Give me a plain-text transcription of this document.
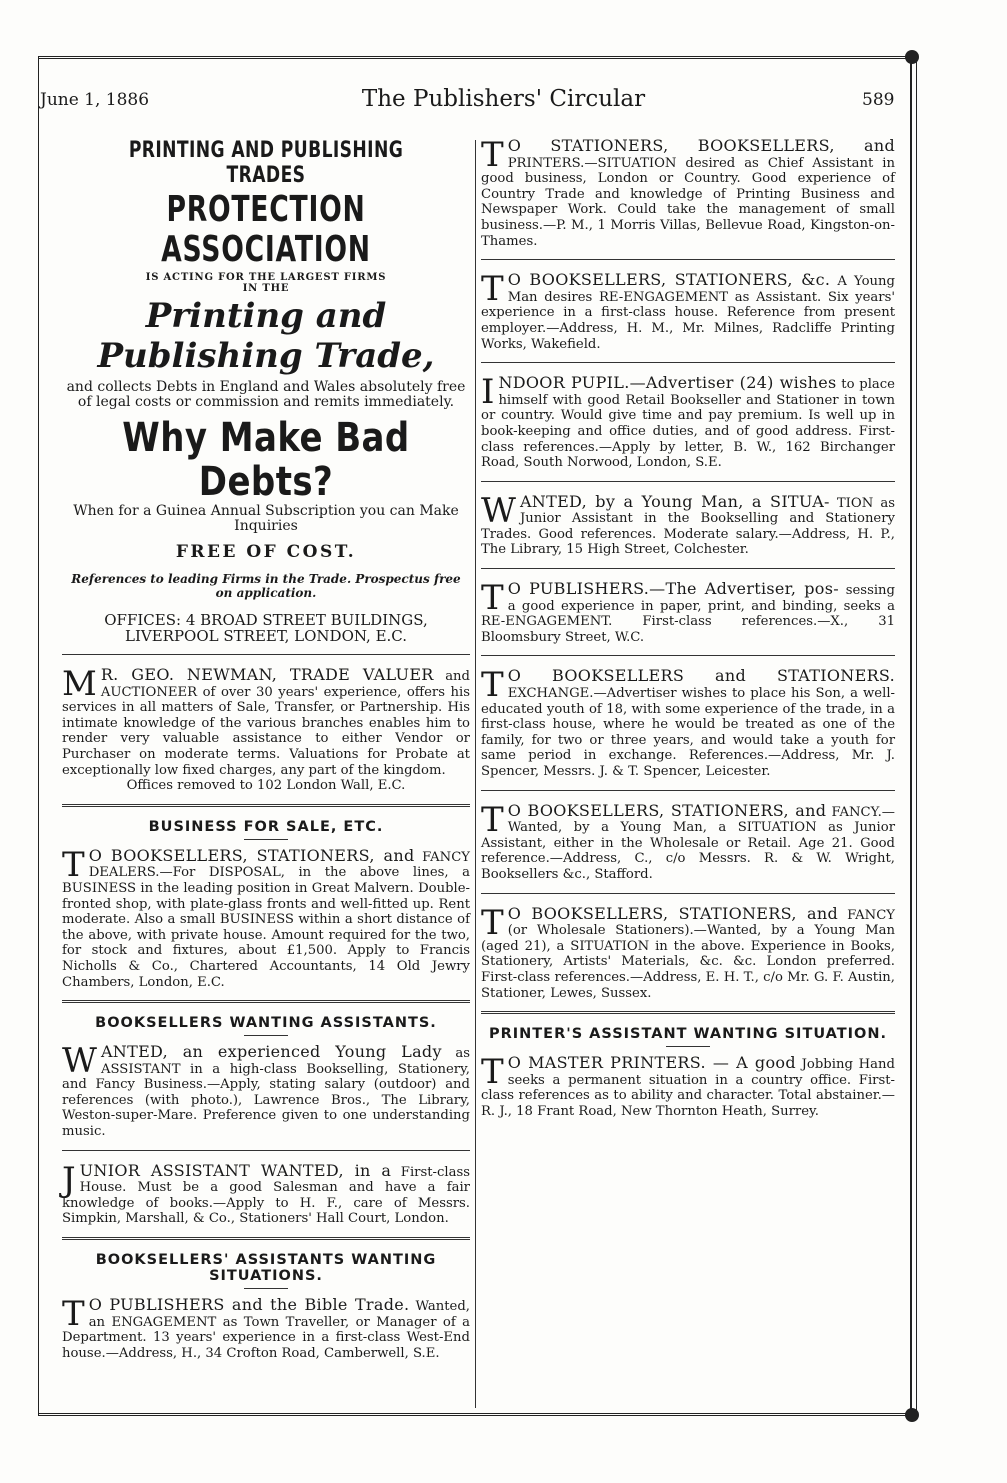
June 1, 1886	The Publishers' Circular	589
PRINTING AND PUBLISHING TRADES
PROTECTION ASSOCIATION
IS ACTING FOR THE LARGEST FIRMS
IN THE
Printing and Publishing Trade,
and collects Debts in England and Wales absolutely free of legal costs or commission and remits immediately.
Why Make Bad Debts?
When for a Guinea Annual Subscription you can Make Inquiries
FREE OF COST.
References to leading Firms in the Trade. Prospectus free on application.
OFFICES: 4 BROAD STREET BUILDINGS, LIVERPOOL STREET, LONDON, E.C.
M R. GEO. NEWMAN, TRADE VALUER and AUCTIONEER of over 30 years' experience, offers his services in all matters of Sale, Transfer, or Partnership. His intimate knowledge of the various branches enables him to render very valuable assistance to either Vendor or Purchaser on moderate terms. Valuations for Probate at exceptionally low fixed charges, any part of the kingdom.

Offices removed to 102 London Wall, E.C.

BUSINESS FOR SALE, ETC.
T O BOOKSELLERS, STATIONERS, and FANCY DEALERS.—For DISPOSAL, in the above lines, a BUSINESS in the leading position in Great Malvern. Double-fronted shop, with plate-glass fronts and well-fitted up. Rent moderate. Also a small BUSINESS within a short distance of the above, with private house. Amount required for the two, for stock and fixtures, about £1,500. Apply to Francis Nicholls & Co., Chartered Accountants, 14 Old Jewry Chambers, London, E.C.

BOOKSELLERS WANTING ASSISTANTS.
W ANTED, an experienced Young Lady as ASSISTANT in a high-class Bookselling, Stationery, and Fancy Business.—Apply, stating salary (outdoor) and references (with photo.), Lawrence Bros., The Library, Weston-super-Mare. Preference given to one understanding music.

J UNIOR ASSISTANT WANTED, in a First-class House. Must be a good Salesman and have a fair knowledge of books.—Apply to H. F., care of Messrs. Simpkin, Marshall, & Co., Stationers' Hall Court, London.

BOOKSELLERS' ASSISTANTS WANTING SITUATIONS.
T O PUBLISHERS and the Bible Trade. Wanted, an ENGAGEMENT as Town Traveller, or Manager of a Department. 13 years' experience in a first-class West-End house.—Address, H., 34 Crofton Road, Camberwell, S.E.

T O STATIONERS, BOOKSELLERS, and PRINTERS.—SITUATION desired as Chief Assistant in good business, London or Country. Good experience of Country Trade and knowledge of Printing Business and Newspaper Work. Could take the management of small business.—P. M., 1 Morris Villas, Bellevue Road, Kingston-on-Thames.

T O BOOKSELLERS, STATIONERS, &c. A Young Man desires RE-ENGAGEMENT as Assistant. Six years' experience in a first-class house. Reference from present employer.—Address, H. M., Mr. Milnes, Radcliffe Printing Works, Wakefield.

I NDOOR PUPIL.—Advertiser (24) wishes to place himself with good Retail Bookseller and Stationer in town or country. Would give time and pay premium. Is well up in book-keeping and office duties, and of good address. First-class references.—Apply by letter, B. W., 162 Birchanger Road, South Norwood, London, S.E.

W ANTED, by a Young Man, a SITUA- TION as Junior Assistant in the Bookselling and Stationery Trades. Good references. Moderate salary.—Address, H. P., The Library, 15 High Street, Colchester.

T O PUBLISHERS.—The Advertiser, pos- sessing a good experience in paper, print, and binding, seeks a RE-ENGAGEMENT. First-class references.—X., 31 Bloomsbury Street, W.C.

T O BOOKSELLERS and STATIONERS. EXCHANGE.—Advertiser wishes to place his Son, a well-educated youth of 18, with some experience of the trade, in a first-class house, where he would be treated as one of the family, for two or three years, and would take a youth for same period in exchange. References.—Address, Mr. J. Spencer, Messrs. J. & T. Spencer, Leicester.

T O BOOKSELLERS, STATIONERS, and FANCY.—Wanted, by a Young Man, a SITUATION as Junior Assistant, either in the Wholesale or Retail. Age 21. Good reference.—Address, C., c/o Messrs. R. & W. Wright, Booksellers &c., Stafford.

T O BOOKSELLERS, STATIONERS, and FANCY (or Wholesale Stationers).—Wanted, by a Young Man (aged 21), a SITUATION in the above. Experience in Books, Stationery, Artists' Materials, &c. &c. London preferred. First-class references.—Address, E. H. T., c/o Mr. G. F. Austin, Stationer, Lewes, Sussex.

PRINTER'S ASSISTANT WANTING SITUATION.
T O MASTER PRINTERS. — A good Jobbing Hand seeks a permanent situation in a country office. First-class references as to ability and character. Total abstainer.—R. J., 18 Frant Road, New Thornton Heath, Surrey.
